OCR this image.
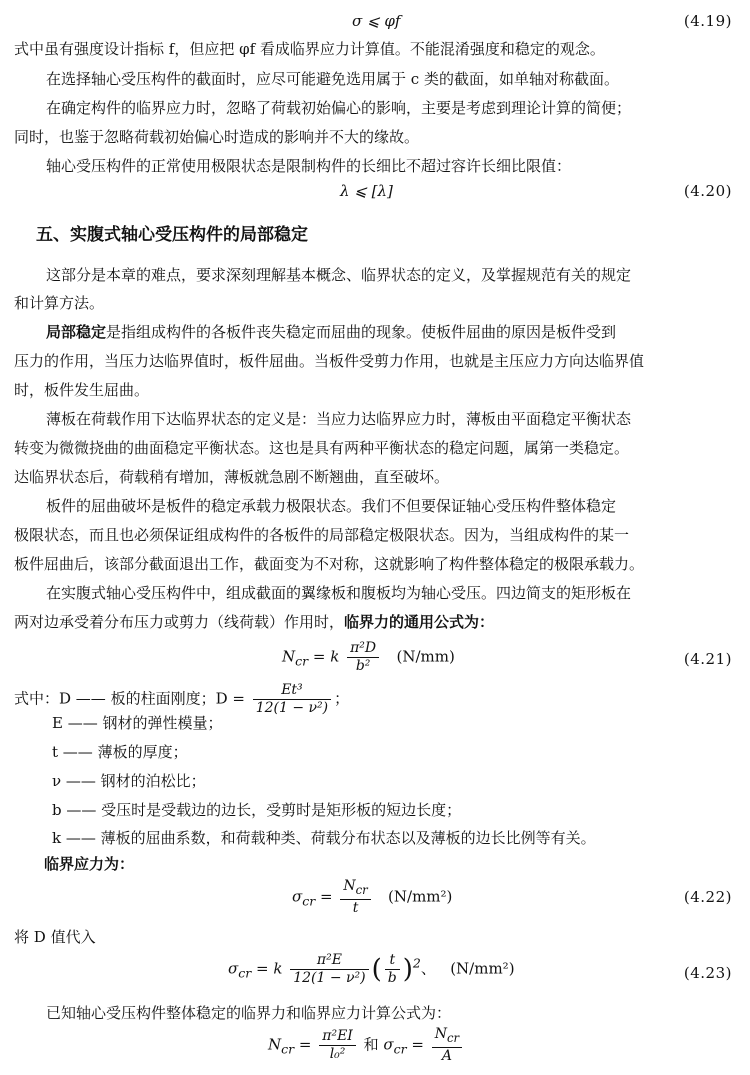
σ ⩽ φf	(4.19)
式中虽有强度设计指标 f，但应把 φf 看成临界应力计算值。不能混淆强度和稳定的观念。
在选择轴心受压构件的截面时，应尽可能避免选用属于 c 类的截面，如单轴对称截面。
在确定构件的临界应力时，忽略了荷载初始偏心的影响，主要是考虑到理论计算的简便；
同时，也鉴于忽略荷载初始偏心时造成的影响并不大的缘故。
轴心受压构件的正常使用极限状态是限制构件的长细比不超过容许长细比限值：
λ ⩽ [λ]	(4.20)
五、实腹式轴心受压构件的局部稳定
这部分是本章的难点，要求深刻理解基本概念、临界状态的定义，及掌握规范有关的规定
和计算方法。
局部稳定是指组成构件的各板件丧失稳定而屈曲的现象。使板件屈曲的原因是板件受到
压力的作用，当压力达临界值时，板件屈曲。当板件受剪力作用，也就是主压应力方向达临界值
时，板件发生屈曲。
薄板在荷载作用下达临界状态的定义是：当应力达临界应力时，薄板由平面稳定平衡状态
转变为微微挠曲的曲面稳定平衡状态。这也是具有两种平衡状态的稳定问题，属第一类稳定。
达临界状态后，荷载稍有增加，薄板就急剧不断翘曲，直至破坏。
板件的屈曲破坏是板件的稳定承载力极限状态。我们不但要保证轴心受压构件整体稳定
极限状态，而且也必须保证组成构件的各板件的局部稳定极限状态。因为，当组成构件的某一
板件屈曲后，该部分截面退出工作，截面变为不对称，这就影响了构件整体稳定的极限承载力。
在实腹式轴心受压构件中，组成截面的翼缘板和腹板均为轴心受压。四边简支的矩形板在
两对边承受着分布压力或剪力（线荷载）作用时，临界力的通用公式为：
$N_{cr} = k \frac{\text{π²D}}{\text{b²}} (N/mm)$	(4.21)
式中：D —— 板的柱面刚度；$D = \frac{\text{Et³}}{\text{12(1 − ν²)}}$ ；
E —— 钢材的弹性模量；
t —— 薄板的厚度；
ν —— 钢材的泊松比；
b —— 受压时是受载边的边长，受剪时是矩形板的短边长度；
k —— 薄板的屈曲系数，和荷载种类、荷载分布状态以及薄板的边长比例等有关。
临界应力为：
$\sigma_{cr} = \frac{N_{cr}}{t} (N/mm^2)$	(4.22)
将 D 值代入
$\sigma_{cr} = k \frac{\text{π²E}}{\text{12(1 − ν²)}}$ ( $\frac{t}{b} )^2$、 (N/mm²)	(4.23)
已知轴心受压构件整体稳定的临界力和临界应力计算公式为：
$N_{cr} = \frac{\text{π²EI}}{\text{l₀²}}$ 和 $\sigma_{cr} = \frac{N_{cr}}{A}$
